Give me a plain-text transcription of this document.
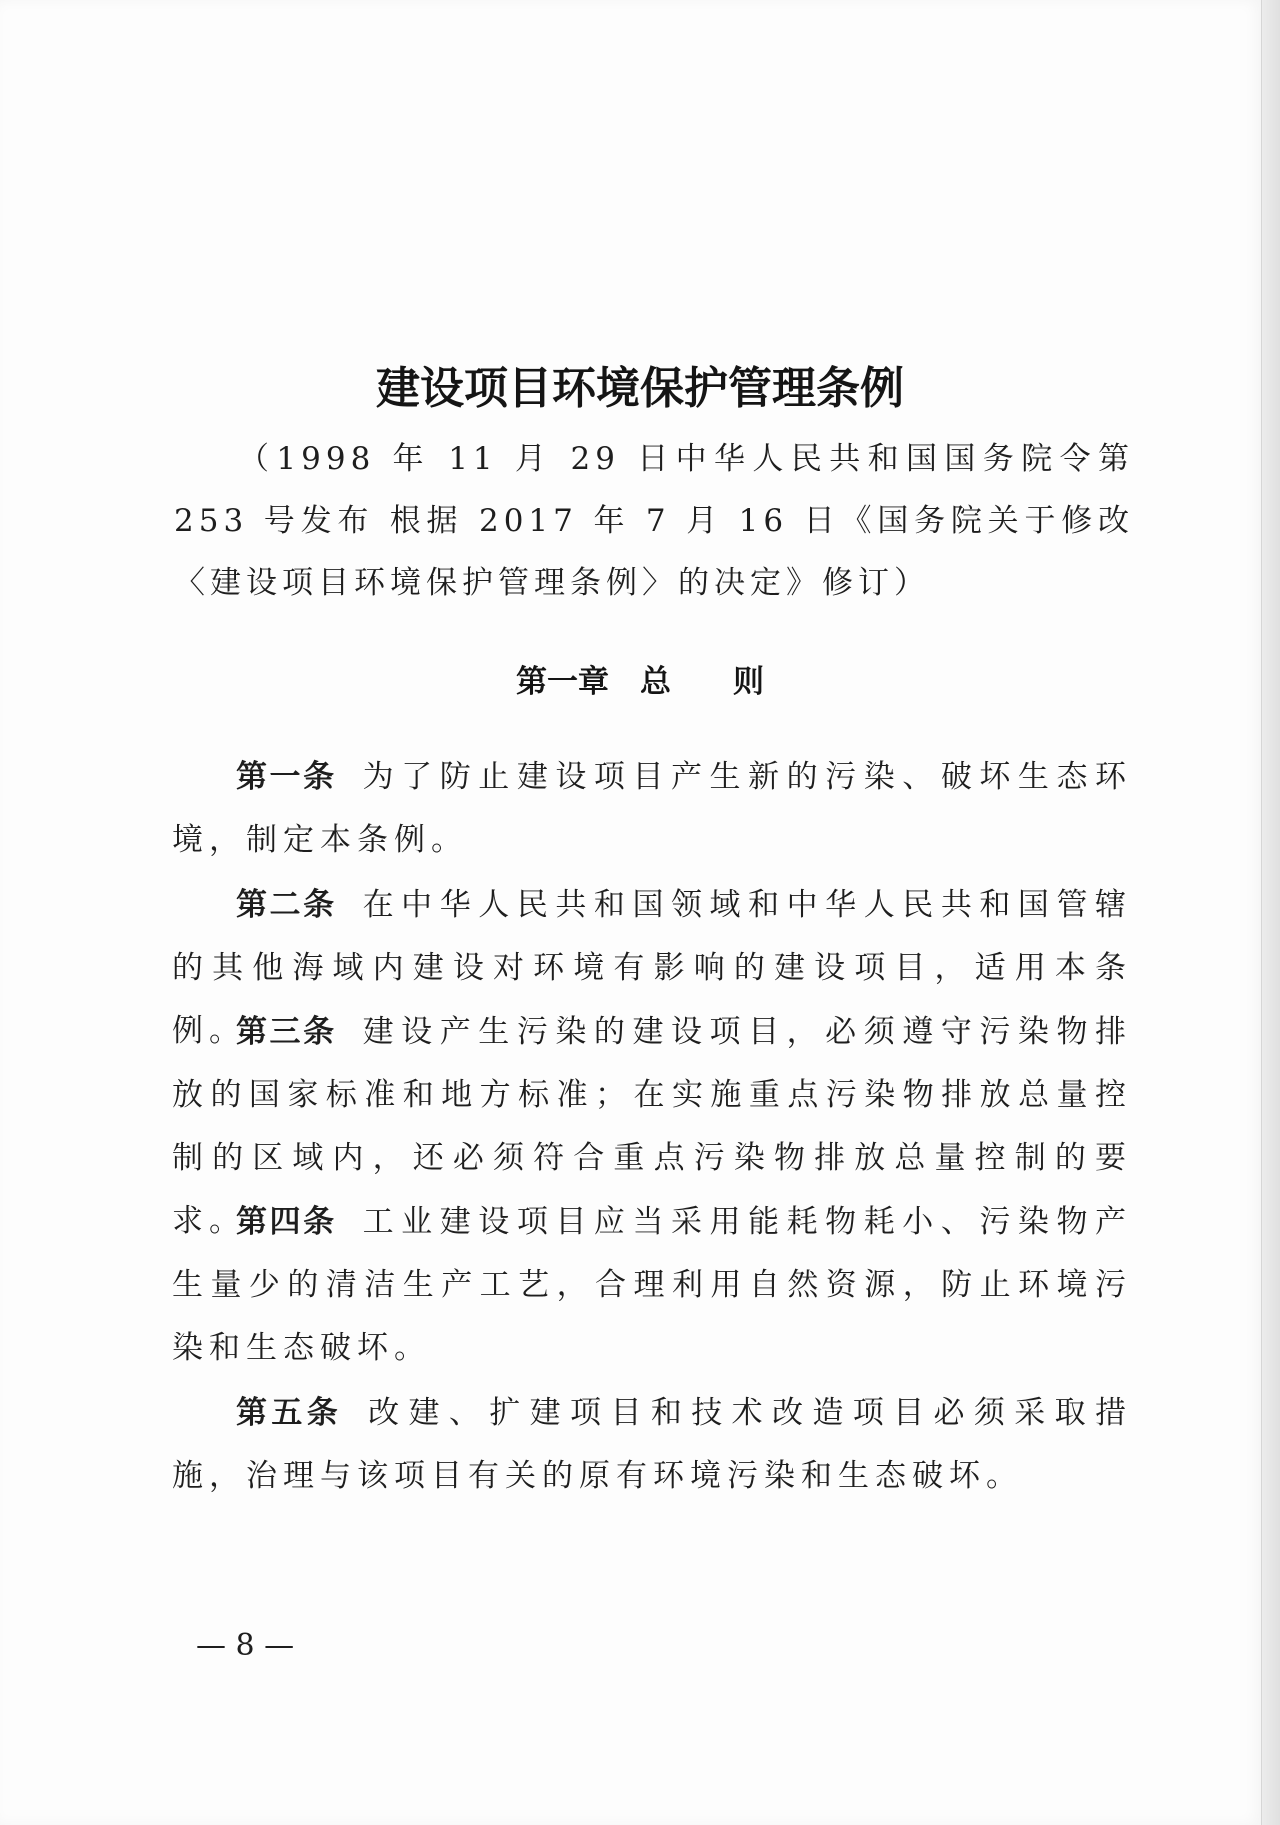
建设项目环境保护管理条例
（1998 年 11 月 29 日中华人民共和国国务院令第 253 号发布 根据 2017 年 7 月 16 日《国务院关于修改〈建设项目环境保护管理条例〉的决定》修订）
第一章　总　　则
第一条 为了防止建设项目产生新的污染、破坏生态环境，制定本条例。
第二条 在中华人民共和国领域和中华人民共和国管辖的其他海域内建设对环境有影响的建设项目，适用本条例。
第三条 建设产生污染的建设项目，必须遵守污染物排放的国家标准和地方标准；在实施重点污染物排放总量控制的区域内，还必须符合重点污染物排放总量控制的要求。
第四条 工业建设项目应当采用能耗物耗小、污染物产生量少的清洁生产工艺，合理利用自然资源，防止环境污染和生态破坏。
第五条 改建、扩建项目和技术改造项目必须采取措施，治理与该项目有关的原有环境污染和生态破坏。
— 8 —
